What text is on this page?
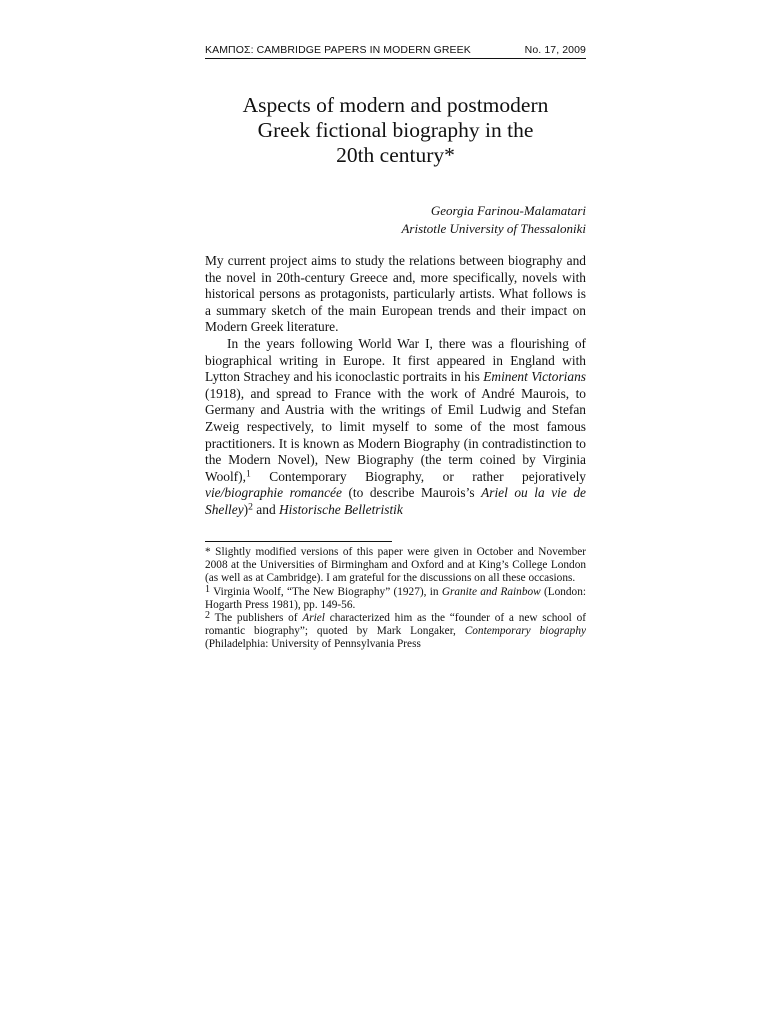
ΚΑΜΠΟΣ: CAMBRIDGE PAPERS IN MODERN GREEK	No. 17, 2009
Aspects of modern and postmodern
Greek fictional biography in the
20th century*
Georgia Farinou-Malamatari
Aristotle University of Thessaloniki

My current project aims to study the relations between biography and the novel in 20th-century Greece and, more specifically, novels with historical persons as protagonists, particularly artists. What follows is a summary sketch of the main European trends and their impact on Modern Greek literature.

In the years following World War I, there was a flourishing of biographical writing in Europe. It first appeared in England with Lytton Strachey and his iconoclastic portraits in his Eminent Victorians (1918), and spread to France with the work of André Maurois, to Germany and Austria with the writings of Emil Ludwig and Stefan Zweig respectively, to limit myself to some of the most famous practitioners. It is known as Modern Biography (in contradistinction to the Modern Novel), New Biography (the term coined by Virginia Woolf),$^1$ Contemporary Biography, or rather pejoratively vie/biographie romancée (to describe Maurois’s Ariel ou la vie de Shelley)$^2$ and Historische Belletristik

* Slightly modified versions of this paper were given in October and November 2008 at the Universities of Birmingham and Oxford and at King’s College London (as well as at Cambridge). I am grateful for the discussions on all these occasions.

1 Virginia Woolf, “The New Biography” (1927), in Granite and Rainbow (London: Hogarth Press 1981), pp. 149-56.

2 The publishers of Ariel characterized him as the “founder of a new school of romantic biography”; quoted by Mark Longaker, Contemporary biography (Philadelphia: University of Pennsylvania Press
